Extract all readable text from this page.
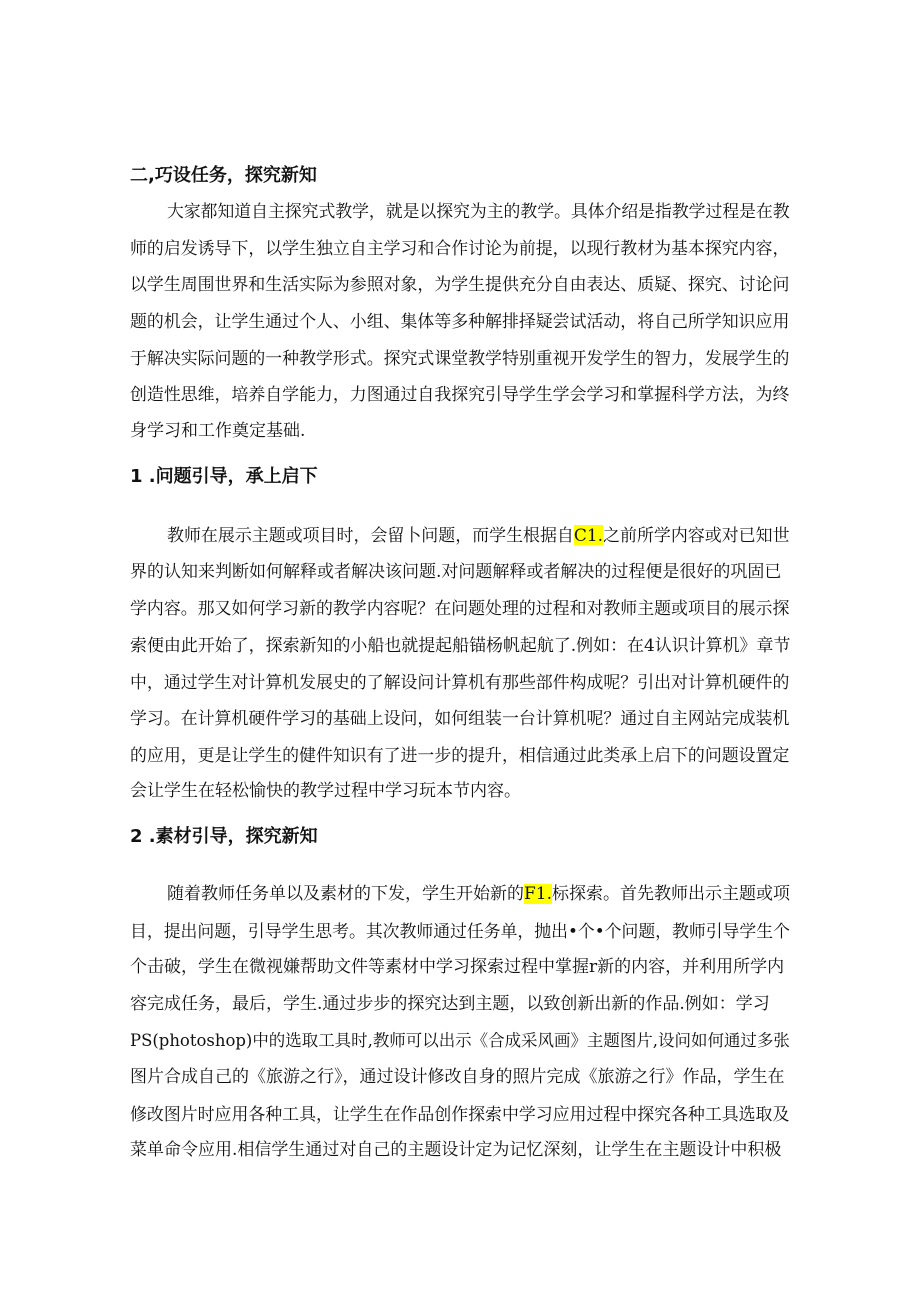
二,巧设任务，探究新知
大家都知道自主探究式教学，就是以探究为主的教学。具体介绍是指教学过程是在教
师的启发诱导下，以学生独立自主学习和合作讨论为前提，以现行教材为基本探究内容，
以学生周围世界和生活实际为参照对象，为学生提供充分自由表达、质疑、探究、讨论问
题的机会，让学生通过个人、小组、集体等多种解排择疑尝试活动，将自己所学知识应用
于解决实际问题的一种教学形式。探究式课堂教学特别重视开发学生的智力，发展学生的
创造性思维，培养自学能力，力图通过自我探究引导学生学会学习和掌握科学方法，为终
身学习和工作奠定基础.
1 .问题引导，承上启下
教师在展示主题或项目时，会留卜问题，而学生根据自C1.之前所学内容或对已知世
界的认知来判断如何解释或者解决该问题.对问题解释或者解决的过程便是很好的巩固已
学内容。那又如何学习新的教学内容呢？在问题处理的过程和对教师主题或项目的展示探
索便由此开始了，探索新知的小船也就提起船锚杨帆起航了.例如：在4认识计算机》章节
中，通过学生对计算机发展史的了解设问计算机有那些部件构成呢？引出对计算机硬件的
学习。在计算机硬件学习的基础上设问，如何组装一台计算机呢？通过自主网站完成装机
的应用，更是让学生的健件知识有了进一步的提升，相信通过此类承上启下的问题设置定
会让学生在轻松愉快的教学过程中学习玩本节内容。
2 .素材引导，探究新知
随着教师任务单以及素材的下发，学生开始新的F1.标探索。首先教师出示主题或项
目，提出问题，引导学生思考。其次教师通过任务单，抛出•个•个问题，教师引导学生个
个击破，学生在微视嫌帮助文件等素材中学习探索过程中掌握r新的内容，并利用所学内
容完成任务，最后，学生.通过步步的探究达到主题，以致创新出新的作品.例如：学习
PS(photoshop)中的选取工具时,教师可以出示《合成采风画》主题图片,设问如何通过多张
图片合成自己的《旅游之行》，通过设计修改自身的照片完成《旅游之行》作品，学生在
修改图片时应用各种工具，让学生在作品创作探索中学习应用过程中探究各种工具选取及
菜单命令应用.相信学生通过对自己的主题设计定为记忆深刻，让学生在主题设计中积极
